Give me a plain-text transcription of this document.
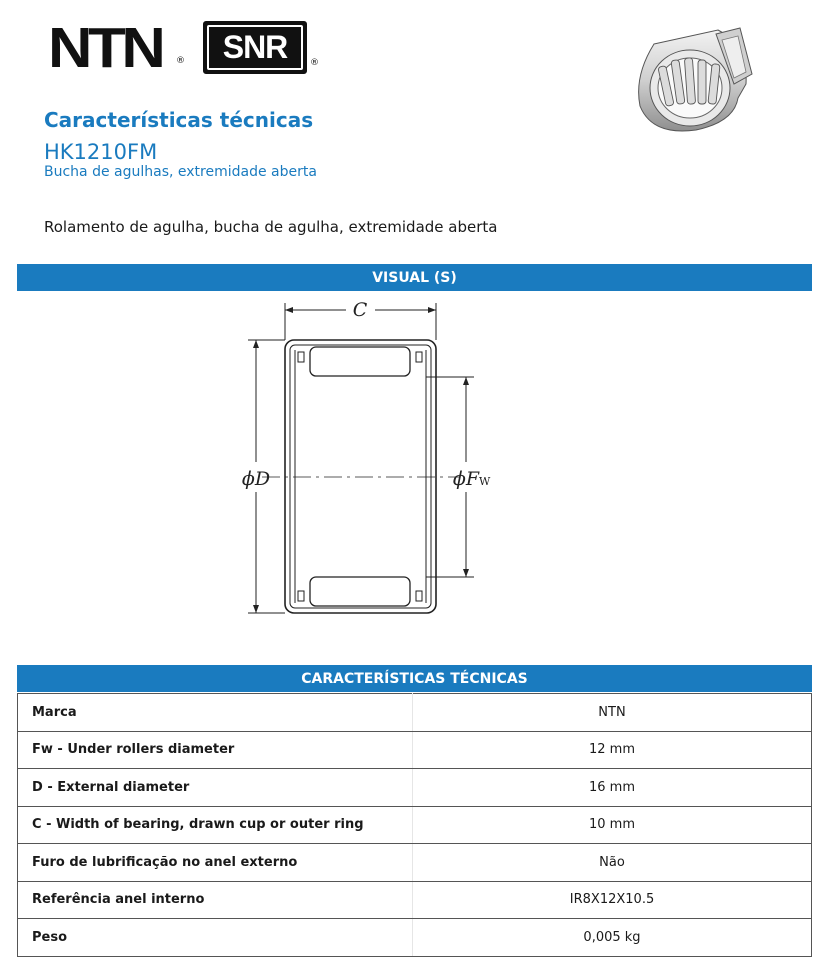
NTN ®	SNR	®
Características técnicas
HK1210FM
Bucha de agulhas, extremidade aberta
Rolamento de agulha, bucha de agulha, extremidade aberta
VISUAL (S)
C
ϕD	ϕF W
CARACTERÍSTICAS TÉCNICAS
Marca	NTN
Fw - Under rollers diameter	12 mm
D - External diameter	16 mm
C - Width of bearing, drawn cup or outer ring	10 mm
Furo de lubrificação no anel externo	Não
Referência anel interno	IR8X12X10.5
Peso	0,005 kg
